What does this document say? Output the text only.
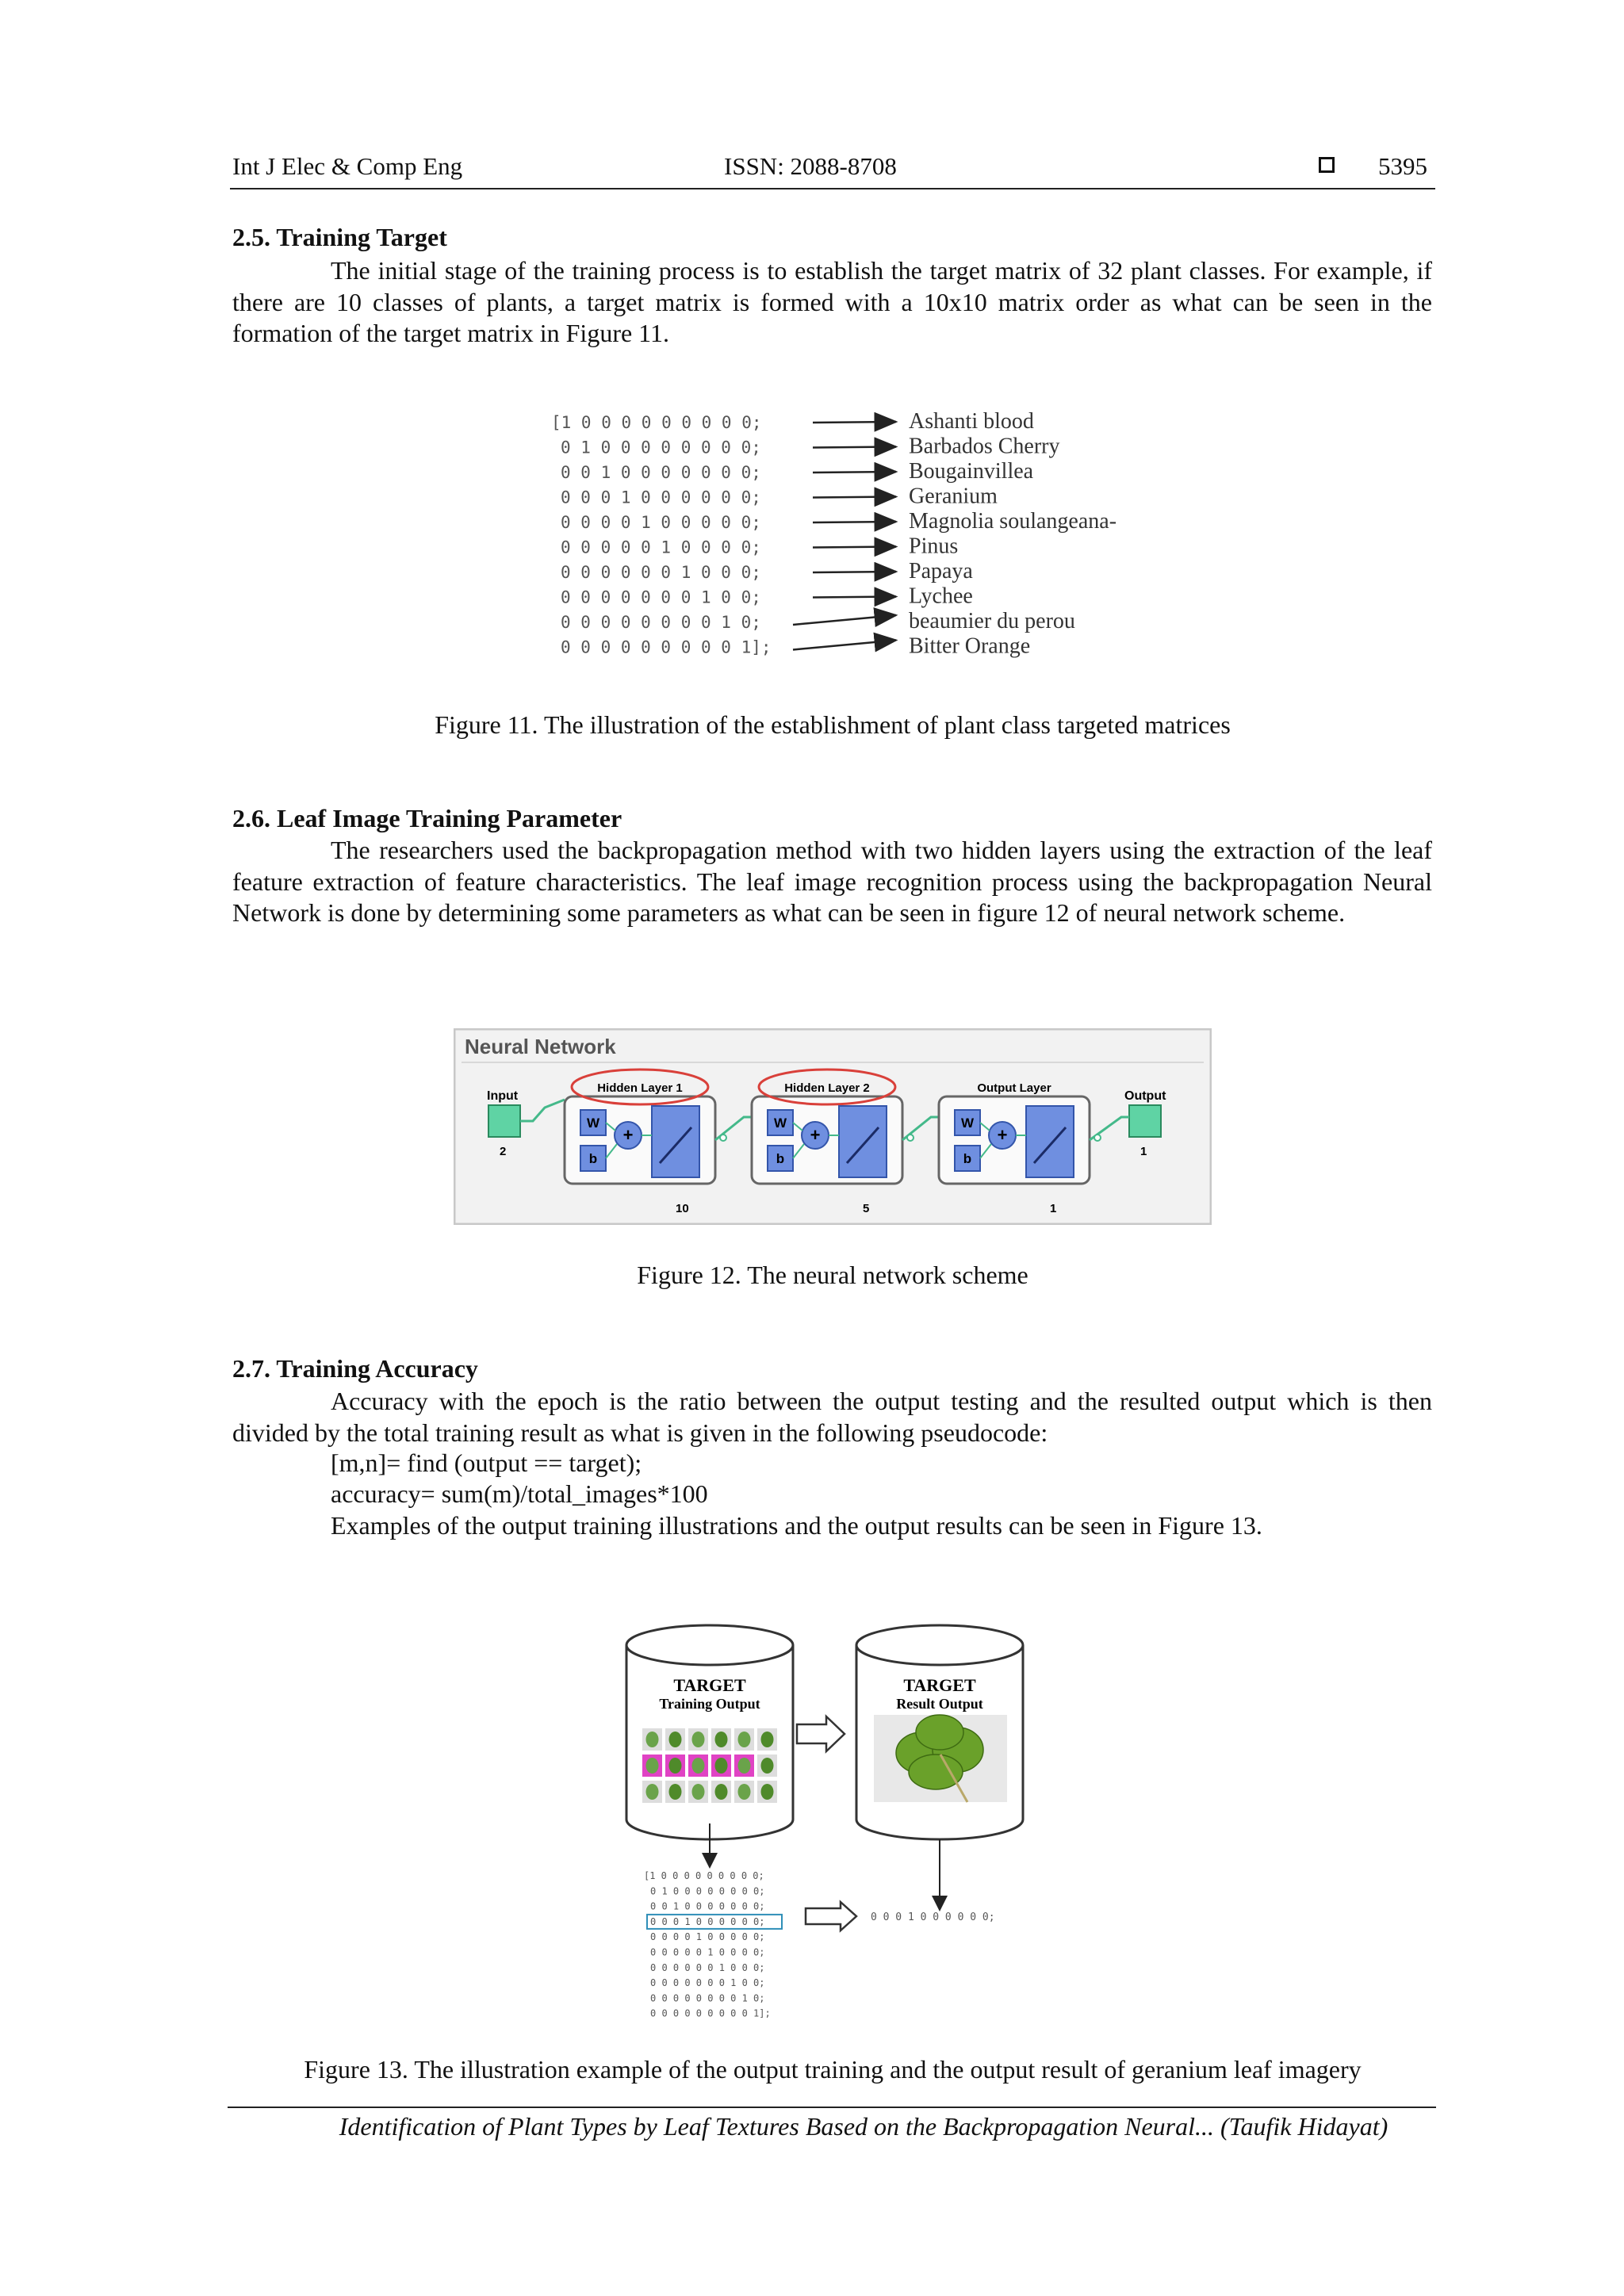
Int J Elec & Comp Eng	ISSN: 2088-8708	5395
2.5. Training Target

The initial stage of the training process is to establish the target matrix of 32 plant classes. For example, if there are 10 classes of plants, a target matrix is formed with a 10x10 matrix order as what can be seen in the formation of the target matrix in Figure 11.

[1 0 0 0 0 0 0 0 0 0;
0 1 0 0 0 0 0 0 0 0;
0 0 1 0 0 0 0 0 0 0;
0 0 0 1 0 0 0 0 0 0;
0 0 0 0 1 0 0 0 0 0;
0 0 0 0 0 1 0 0 0 0;
0 0 0 0 0 0 1 0 0 0;
0 0 0 0 0 0 0 1 0 0;
0 0 0 0 0 0 0 0 1 0;
0 0 0 0 0 0 0 0 0 1];
Ashanti blood
Barbados Cherry
Bougainvillea
Geranium
Magnolia soulangeana-
Pinus
Papaya
Lychee
beaumier du perou
Bitter Orange
Figure 11. The illustration of the establishment of plant class targeted matrices
2.6. Leaf Image Training Parameter

The researchers used the backpropagation method with two hidden layers using the extraction of the leaf feature extraction of feature characteristics. The leaf image recognition process using the backpropagation Neural Network is done by determining some parameters as what can be seen in figure 12 of neural network scheme.

Neural Network
Input
2
Output
1
Hidden Layer 1
W
b
+
10
Hidden Layer 2
W
b
+
5
Output Layer
W
b
+
1
Figure 12. The neural network scheme
2.7. Training Accuracy

Accuracy with the epoch is the ratio between the output testing and the resulted output which is then divided by the total training result as what is given in the following pseudocode:

[m,n]= find (output == target);
accuracy= sum(m)/total_images*100
Examples of the output training illustrations and the output results can be seen in Figure 13.
TARGET
Training Output
TARGET
Result Output
[1 0 0 0 0 0 0 0 0 0;
0 1 0 0 0 0 0 0 0 0;
0 0 1 0 0 0 0 0 0 0;
0 0 0 1 0 0 0 0 0 0;
0 0 0 0 1 0 0 0 0 0;
0 0 0 0 0 1 0 0 0 0;
0 0 0 0 0 0 1 0 0 0;
0 0 0 0 0 0 0 1 0 0;
0 0 0 0 0 0 0 0 1 0;
0 0 0 0 0 0 0 0 0 1];
0 0 0 1 0 0 0 0 0 0;
Figure 13. The illustration example of the output training and the output result of geranium leaf imagery
Identification of Plant Types by Leaf Textures Based on the Backpropagation Neural... (Taufik Hidayat)
